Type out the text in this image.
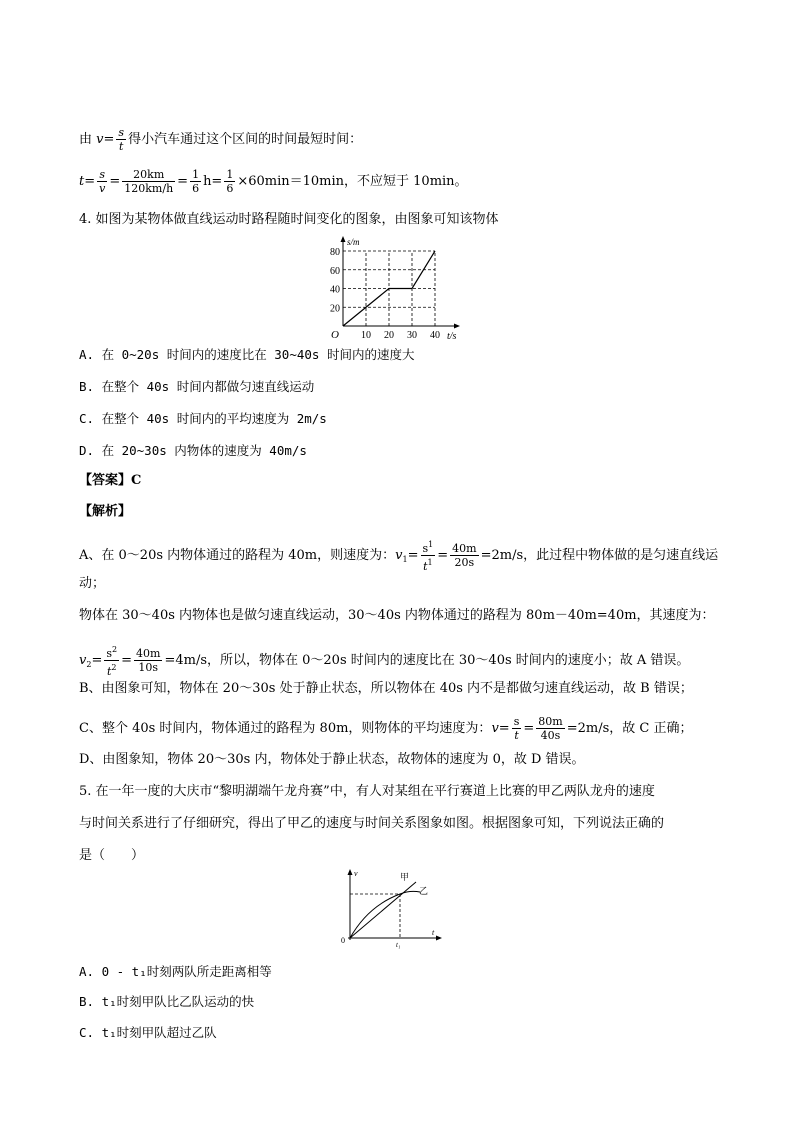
由 $v= \frac{s}{t}$ 得小汽车通过这个区间的时间最短时间：
$t= \frac{s}{v} = \frac{20km}{120km/h} = \frac{1}{6} h= \frac{1}{6} \times 60\min=10\min$，不应短于 10min。
4. 如图为某物体做直线运动时路程随时间变化的图象，由图象可知该物体
10 20 30 40
20
40
60
80
s/m
t/s
O
A. 在 0~20s 时间内的速度比在 30~40s 时间内的速度大
B. 在整个 40s 时间内都做匀速直线运动
C. 在整个 40s 时间内的平均速度为 2m/s
D. 在 20~30s 内物体的速度为 40m/s
【答案】C
【解析】
A、在 0～20s 内物体通过的路程为 40m，则速度为：$v_1= \frac{s^1}{t^1} = \frac{40m}{20s} =2m/s$，此过程中物体做的是匀速直线运
动；
物体在 30～40s 内物体也是做匀速直线运动，30～40s 内物体通过的路程为 80m－40m=40m，其速度为：
$v_2= \frac{s^2}{t^2} = \frac{40m}{10s} =4m/s$，所以，物体在 0～20s 时间内的速度比在 30～40s 时间内的速度小；故 A 错误。
B、由图象可知，物体在 20～30s 处于静止状态，所以物体在 40s 内不是都做匀速直线运动，故 B 错误；
C、整个 40s 时间内，物体通过的路程为 80m，则物体的平均速度为：$v= \frac{s}{t} = \frac{80m}{40s} =2m/s$，故 C 正确；
D、由图象知，物体 20～30s 内，物体处于静止状态，故物体的速度为 0，故 D 错误。
5. 在一年一度的大庆市“黎明湖端午龙舟赛”中，有人对某组在平行赛道上比赛的甲乙两队龙舟的速度
与时间关系进行了仔细研究，得出了甲乙的速度与时间关系图象如图。根据图象可知，下列说法正确的
是（　　）
v
t
0	t₁
甲
乙
A. 0 - t₁时刻两队所走距离相等
B. t₁时刻甲队比乙队运动的快
C. t₁时刻甲队超过乙队
